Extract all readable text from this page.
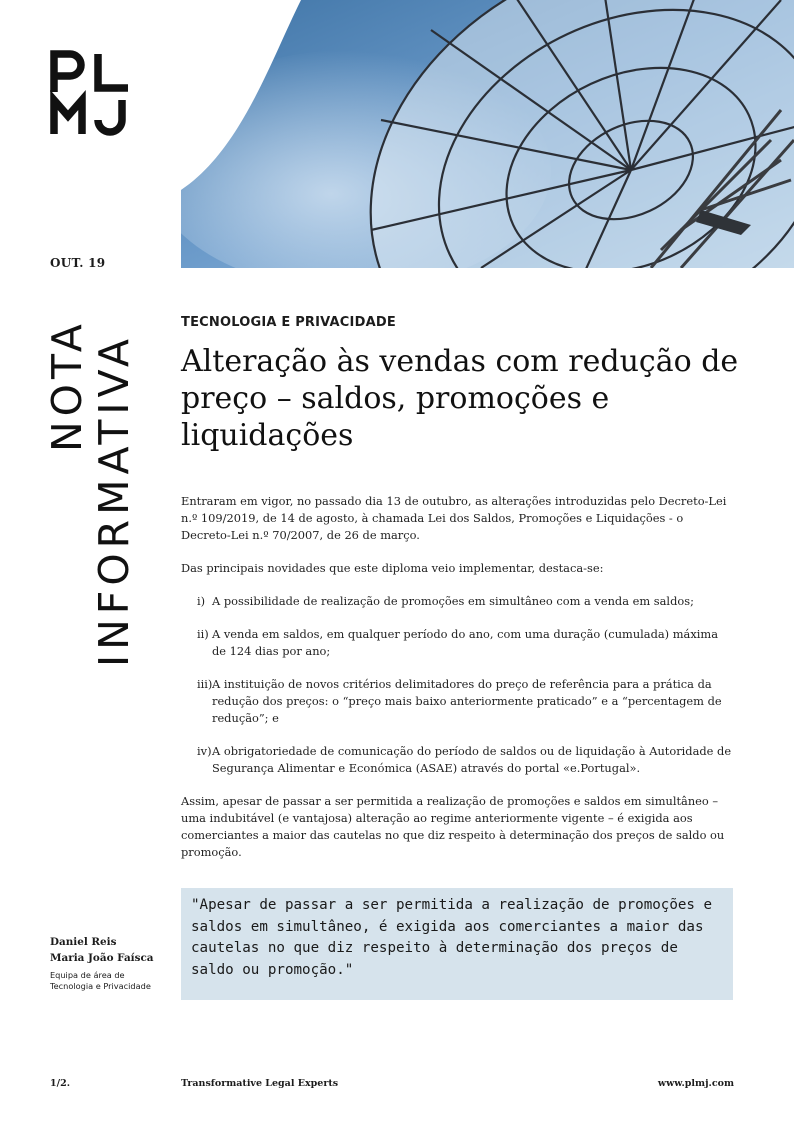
OUT. 19
NOTA INFORMATIVA
TECNOLOGIA E PRIVACIDADE
Alteração às vendas com redução de preço – saldos, promoções e liquidações

Entraram em vigor, no passado dia 13 de outubro, as alterações introduzidas pelo Decreto-Lei n.º 109/2019, de 14 de agosto, à chamada Lei dos Saldos, Promoções e Liquidações - o Decreto-Lei n.º 70/2007, de 26 de março.

Das principais novidades que este diploma veio implementar, destaca-se:

i) A possibilidade de realização de promoções em simultâneo com a venda em saldos;
ii) A venda em saldos, em qualquer período do ano, com uma duração (cumulada) máxima de 124 dias por ano;
iii) A instituição de novos critérios delimitadores do preço de referência para a prática da redução dos preços: o “preço mais baixo anteriormente praticado” e a “percentagem de redução”; e
iv) A obrigatoriedade de comunicação do período de saldos ou de liquidação à Autoridade de Segurança Alimentar e Económica (ASAE) através do portal «e.Portugal».

Assim, apesar de passar a ser permitida a realização de promoções e saldos em simultâneo – uma indubitável (e vantajosa) alteração ao regime anteriormente vigente – é exigida aos comerciantes a maior das cautelas no que diz respeito à determinação dos preços de saldo ou promoção.

"Apesar de passar a ser permitida a realização de promoções e saldos em simultâneo, é exigida aos comerciantes a maior das cautelas no que diz respeito à determinação dos preços de saldo ou promoção."
Daniel Reis
Maria João Faísca
Equipa de área de Tecnologia e Privacidade
1/2.	Transformative Legal Experts	www.plmj.com
